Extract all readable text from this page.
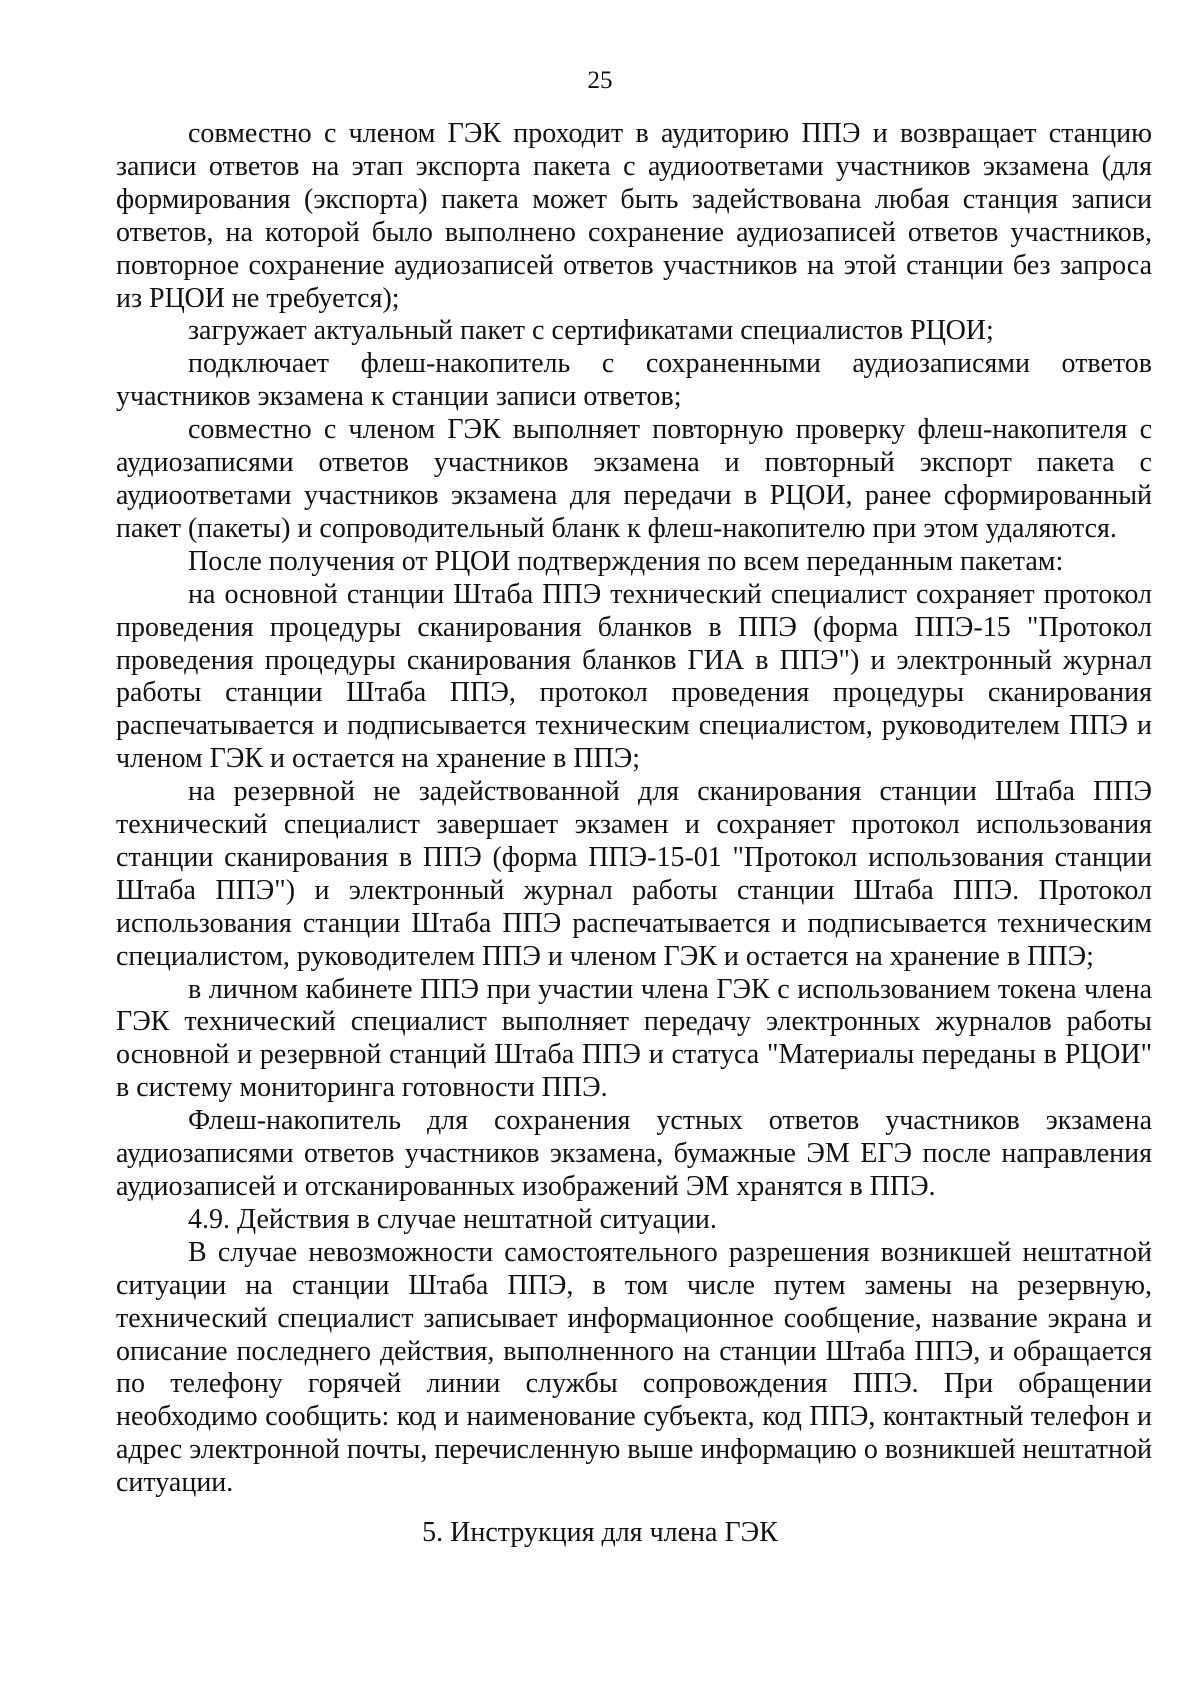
25

совместно с членом ГЭК проходит в аудиторию ППЭ и возвращает станцию записи ответов на этап экспорта пакета с аудиоответами участников экзамена (для формирования (экспорта) пакета может быть задействована любая станция записи ответов, на которой было выполнено сохранение аудиозаписей ответов участников, повторное сохранение аудиозаписей ответов участников на этой станции без запроса из РЦОИ не требуется);

загружает актуальный пакет с сертификатами специалистов РЦОИ;

подключает флеш-накопитель с сохраненными аудиозаписями ответов участников экзамена к станции записи ответов;

совместно с членом ГЭК выполняет повторную проверку флеш-накопителя с аудиозаписями ответов участников экзамена и повторный экспорт пакета с аудиоответами участников экзамена для передачи в РЦОИ, ранее сформированный пакет (пакеты) и сопроводительный бланк к флеш-накопителю при этом удаляются.

После получения от РЦОИ подтверждения по всем переданным пакетам:

на основной станции Штаба ППЭ технический специалист сохраняет протокол проведения процедуры сканирования бланков в ППЭ (форма ППЭ-15 "Протокол проведения процедуры сканирования бланков ГИА в ППЭ") и электронный журнал работы станции Штаба ППЭ, протокол проведения процедуры сканирования распечатывается и подписывается техническим специалистом, руководителем ППЭ и членом ГЭК и остается на хранение в ППЭ;

на резервной не задействованной для сканирования станции Штаба ППЭ технический специалист завершает экзамен и сохраняет протокол использования станции сканирования в ППЭ (форма ППЭ-15-01 "Протокол использования станции Штаба ППЭ") и электронный журнал работы станции Штаба ППЭ. Протокол использования станции Штаба ППЭ распечатывается и подписывается техническим специалистом, руководителем ППЭ и членом ГЭК и остается на хранение в ППЭ;

в личном кабинете ППЭ при участии члена ГЭК с использованием токена члена ГЭК технический специалист выполняет передачу электронных журналов работы основной и резервной станций Штаба ППЭ и статуса "Материалы переданы в РЦОИ" в систему мониторинга готовности ППЭ.

Флеш-накопитель для сохранения устных ответов участников экзамена аудиозаписями ответов участников экзамена, бумажные ЭМ ЕГЭ после направления аудиозаписей и отсканированных изображений ЭМ хранятся в ППЭ.

4.9. Действия в случае нештатной ситуации.

В случае невозможности самостоятельного разрешения возникшей нештатной ситуации на станции Штаба ППЭ, в том числе путем замены на резервную, технический специалист записывает информационное сообщение, название экрана и описание последнего действия, выполненного на станции Штаба ППЭ, и обращается по телефону горячей линии службы сопровождения ППЭ. При обращении необходимо сообщить: код и наименование субъекта, код ППЭ, контактный телефон и адрес электронной почты, перечисленную выше информацию о возникшей нештатной ситуации.

5. Инструкция для члена ГЭК
